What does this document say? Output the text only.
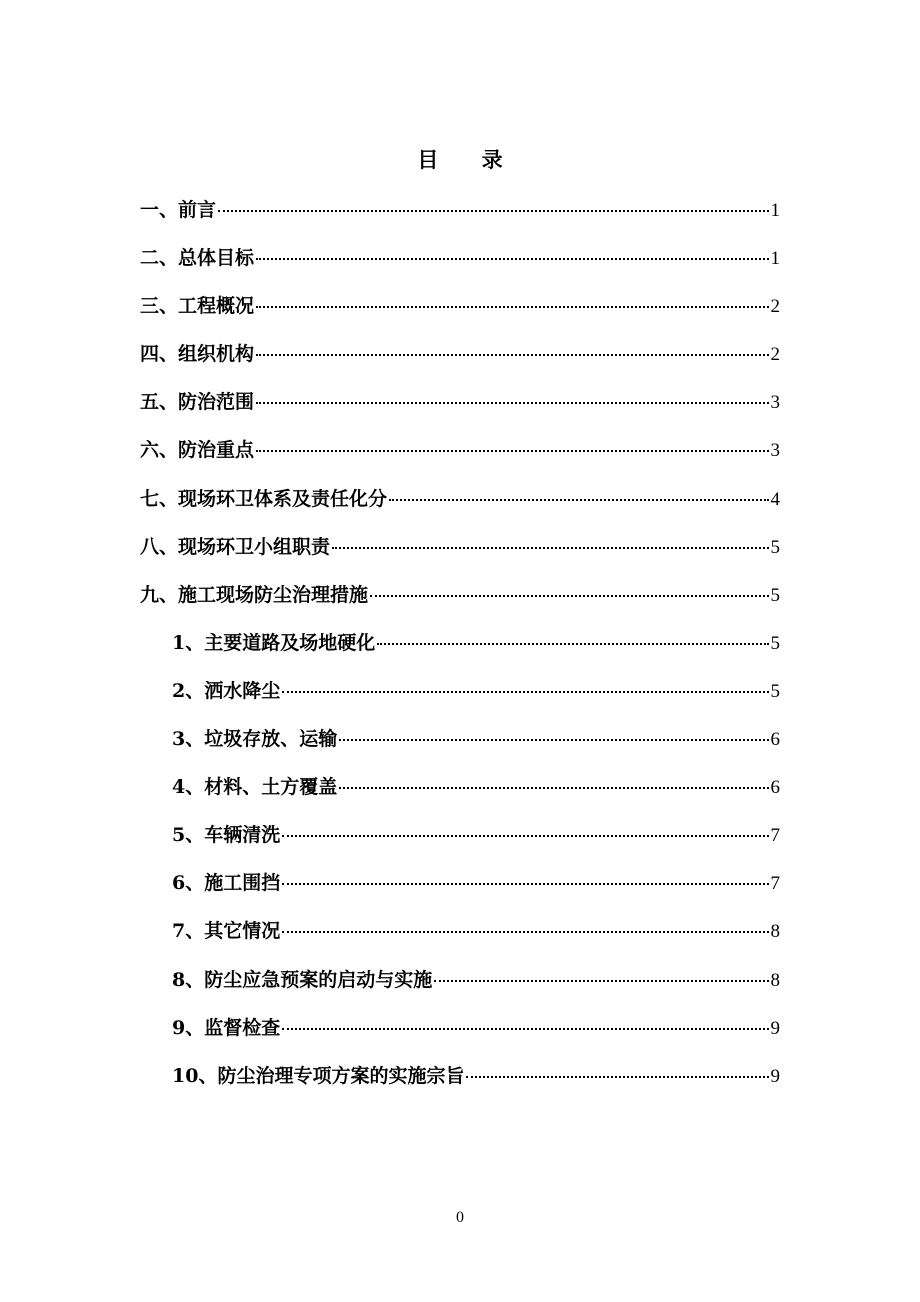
目 录
一、前言	1
二、总体目标	1
三、工程概况	2
四、组织机构	2
五、防治范围	3
六、防治重点	3
七、现场环卫体系及责任化分	4
八、现场环卫小组职责	5
九、施工现场防尘治理措施	5
1、主要道路及场地硬化	5
2、洒水降尘	5
3、垃圾存放、运输	6
4、材料、土方覆盖	6
5、车辆清洗	7
6、施工围挡	7
7、其它情况	8
8、防尘应急预案的启动与实施	8
9、监督检查	9
10、防尘治理专项方案的实施宗旨	9
0
